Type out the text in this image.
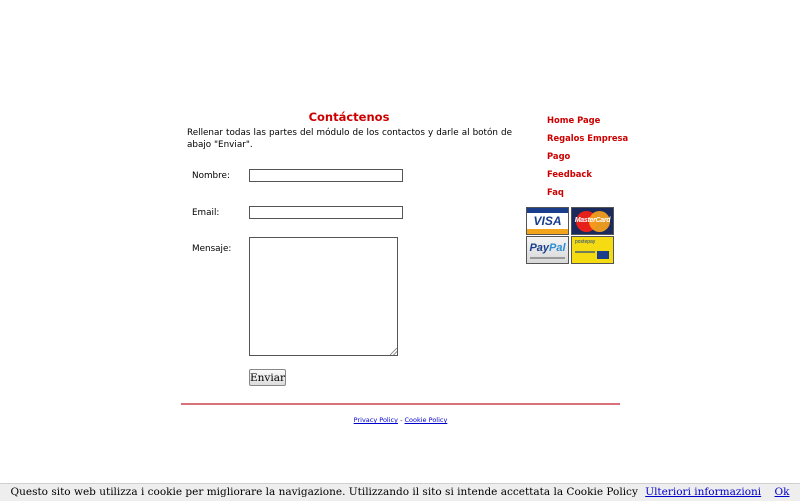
Contáctenos
Rellenar todas las partes del módulo de los contactos y darle al botón de abajo "Enviar".
Nombre:
Email:
Mensaje:
Enviar
Home Page
Regalos Empresa
Pago
Feedback
Faq
VISA	MasterCard
PayPal	postepay
Privacy Policy - Cookie Policy
Questo sito web utilizza i cookie per migliorare la navigazione. Utilizzando il sito si intende accettata la Cookie Policy Ulteriori informazioni Ok
